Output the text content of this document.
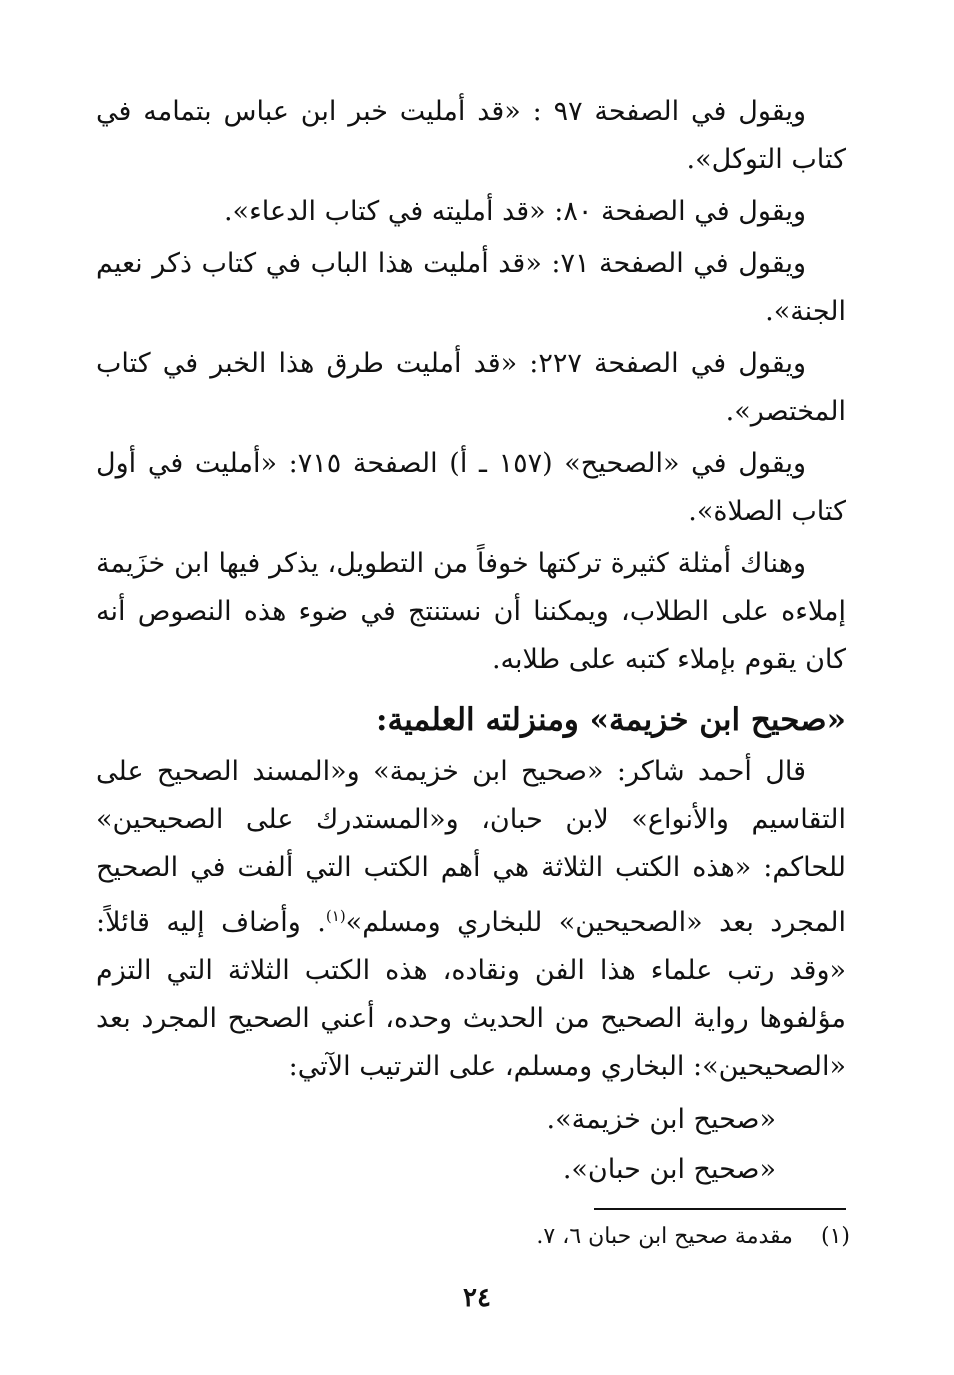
ويقول في الصفحة ٩٧ : «قد أمليت خبر ابن عباس بتمامه في كتاب التوكل».

ويقول في الصفحة ٨٠: «قد أمليته في كتاب الدعاء».

ويقول في الصفحة ٧١: «قد أمليت هذا الباب في كتاب ذكر نعيم الجنة».

ويقول في الصفحة ٢٢٧: «قد أمليت طرق هذا الخبر في كتاب المختصر».

ويقول في «الصحيح» (١٥٧ ـ أ) الصفحة ٧١٥: «أمليت في أول كتاب الصلاة».

وهناك أمثلة كثيرة تركتها خوفاً من التطويل، يذكر فيها ابن خزَيمة إملاءه على الطلاب، ويمكننا أن نستنتج في ضوء هذه النصوص أنه كان يقوم بإملاء كتبه على طلابه.

«صحيح ابن خزيمة» ومنزلته العلمية:

قال أحمد شاكر: «صحيح ابن خزيمة» و«المسند الصحيح على التقاسيم والأنواع» لابن حبان، و«المستدرك على الصحيحين» للحاكم: «هذه الكتب الثلاثة هي أهم الكتب التي ألفت في الصحيح المجرد بعد «الصحيحين» للبخاري ومسلم»$^{(١)}$. وأضاف إليه قائلاً: «وقد رتب علماء هذا الفن ونقاده، هذه الكتب الثلاثة التي التزم مؤلفوها رواية الصحيح من الحديث وحده، أعني الصحيح المجرد بعد «الصحيحين»: البخاري ومسلم، على الترتيب الآتي:

«صحيح ابن خزيمة».
«صحيح ابن حبان».
(١)
مقدمة صحيح ابن حبان ٦، ٧.
٢٤
